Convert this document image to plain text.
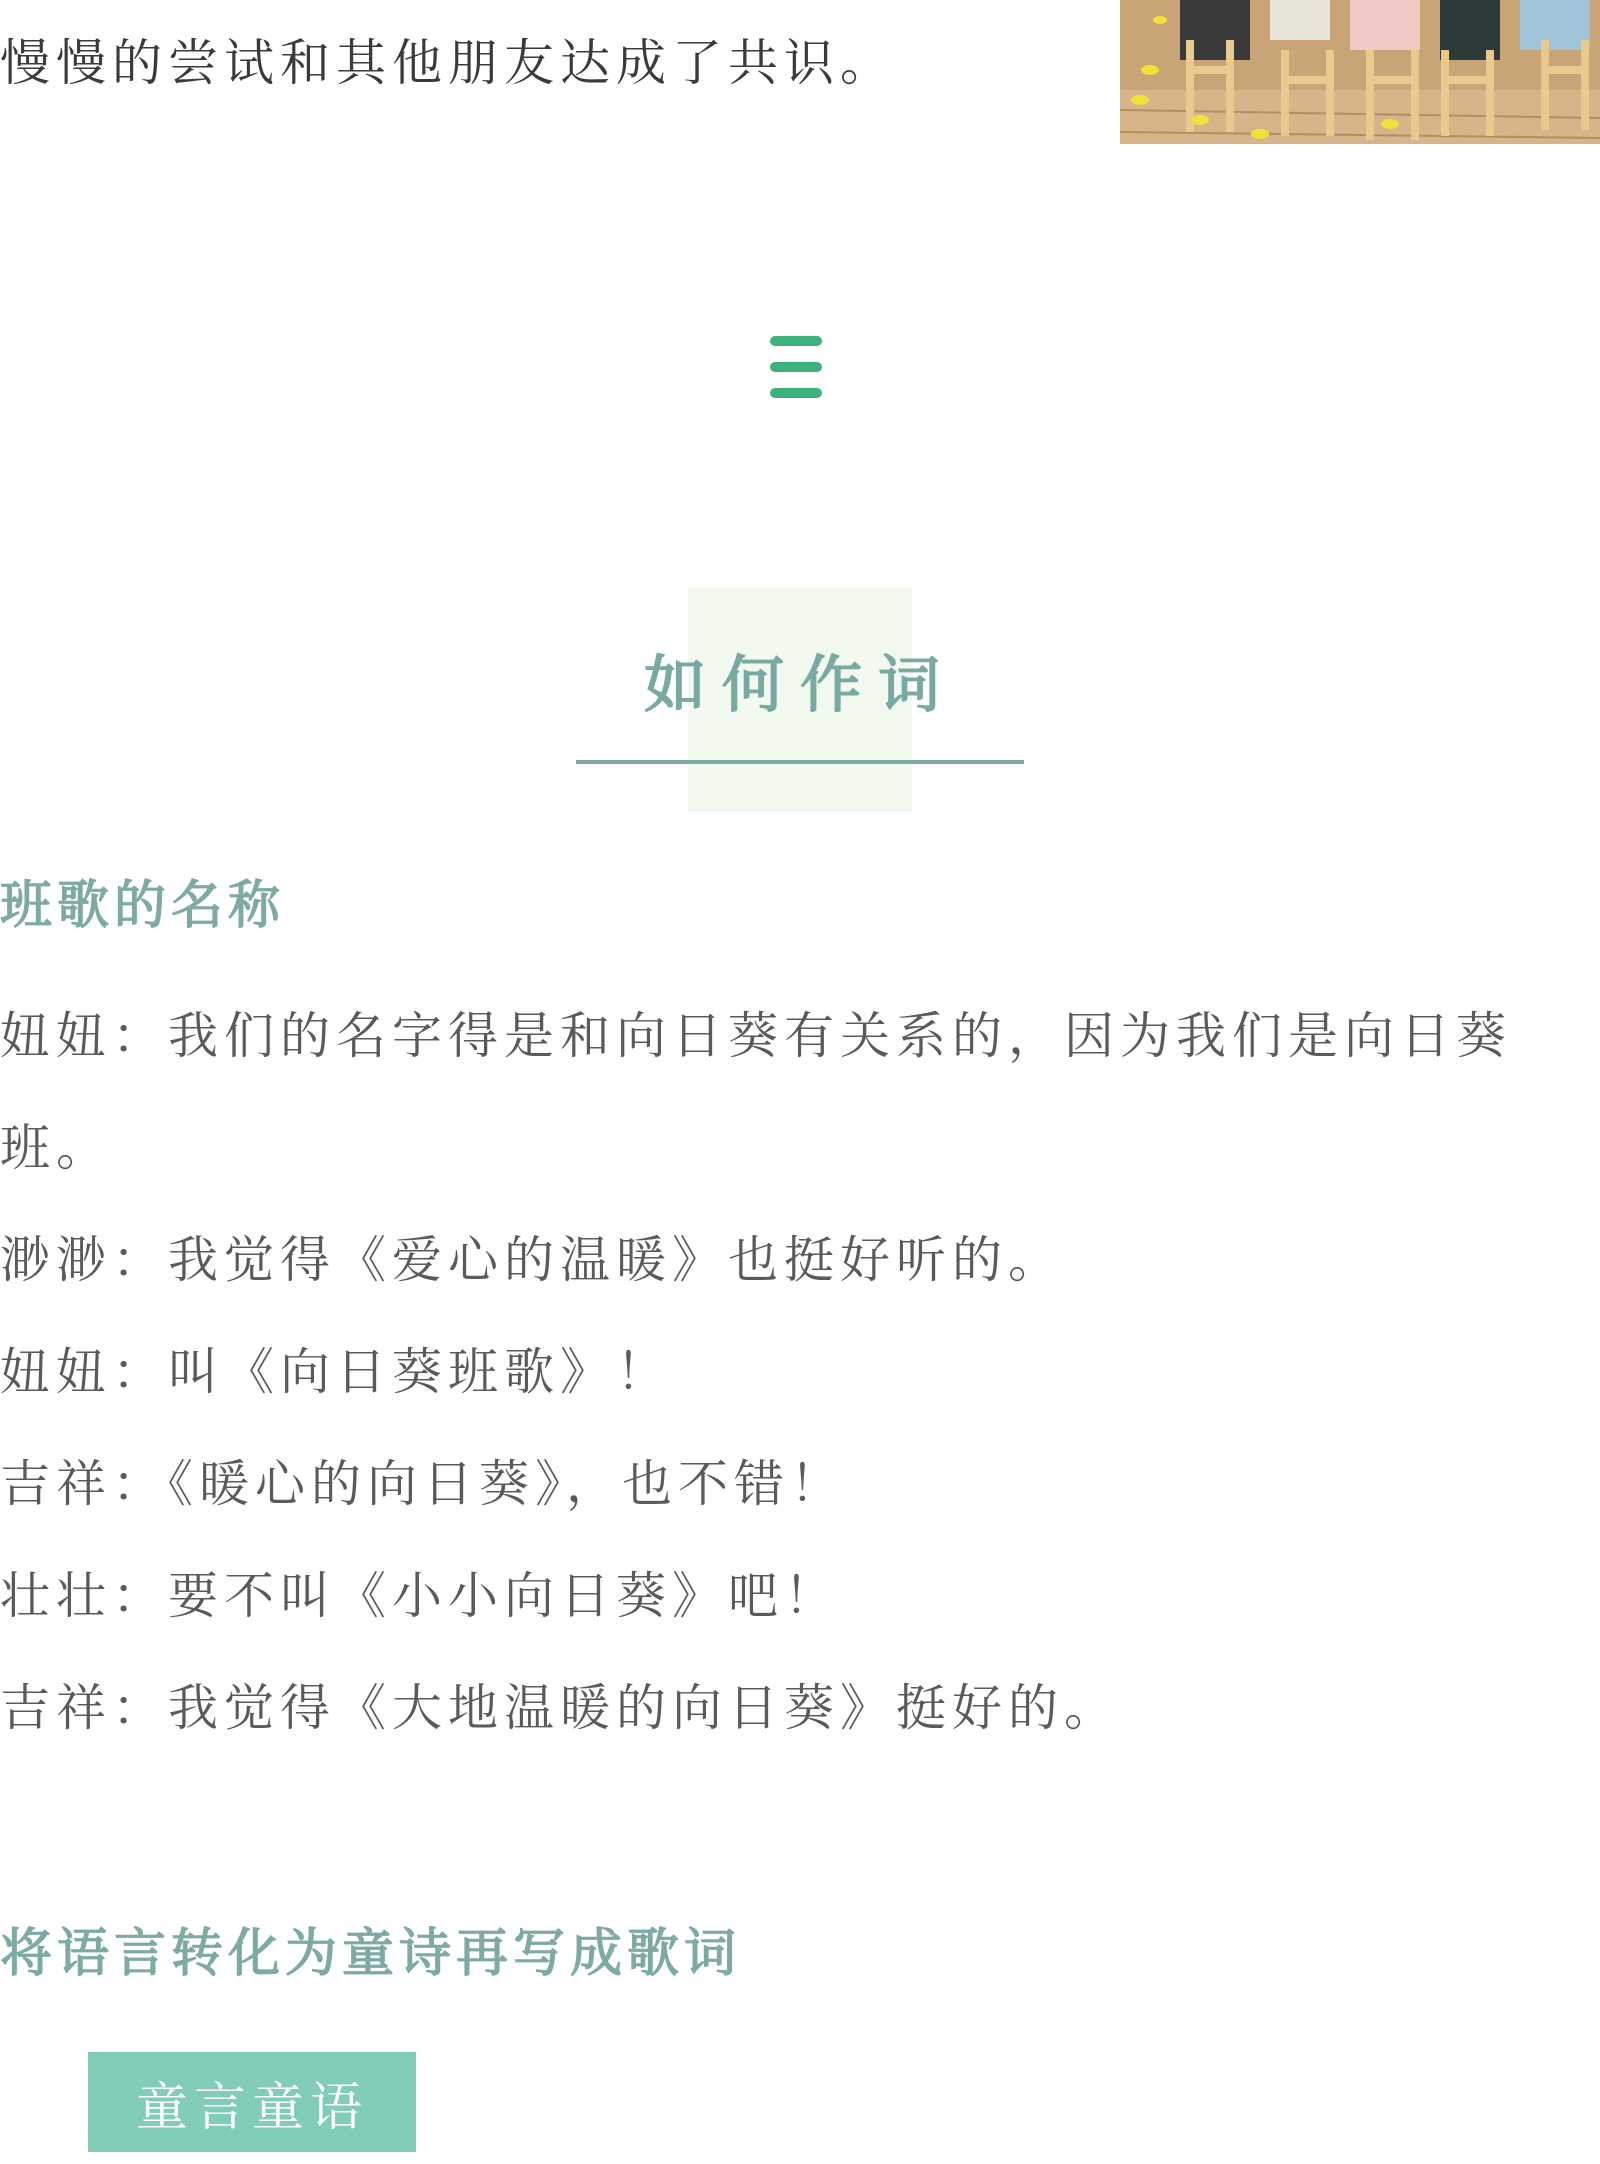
慢慢的尝试和其他朋友达成了共识。
如何作词
班歌的名称

妞妞：我们的名字得是和向日葵有关系的，因为我们是向日葵班。

渺渺：我觉得《爱心的温暖》也挺好听的。

妞妞：叫《向日葵班歌》！

吉祥：《暖心的向日葵》，也不错！

壮壮：要不叫《小小向日葵》吧！

吉祥：我觉得《大地温暖的向日葵》挺好的。

将语言转化为童诗再写成歌词
童言童语
